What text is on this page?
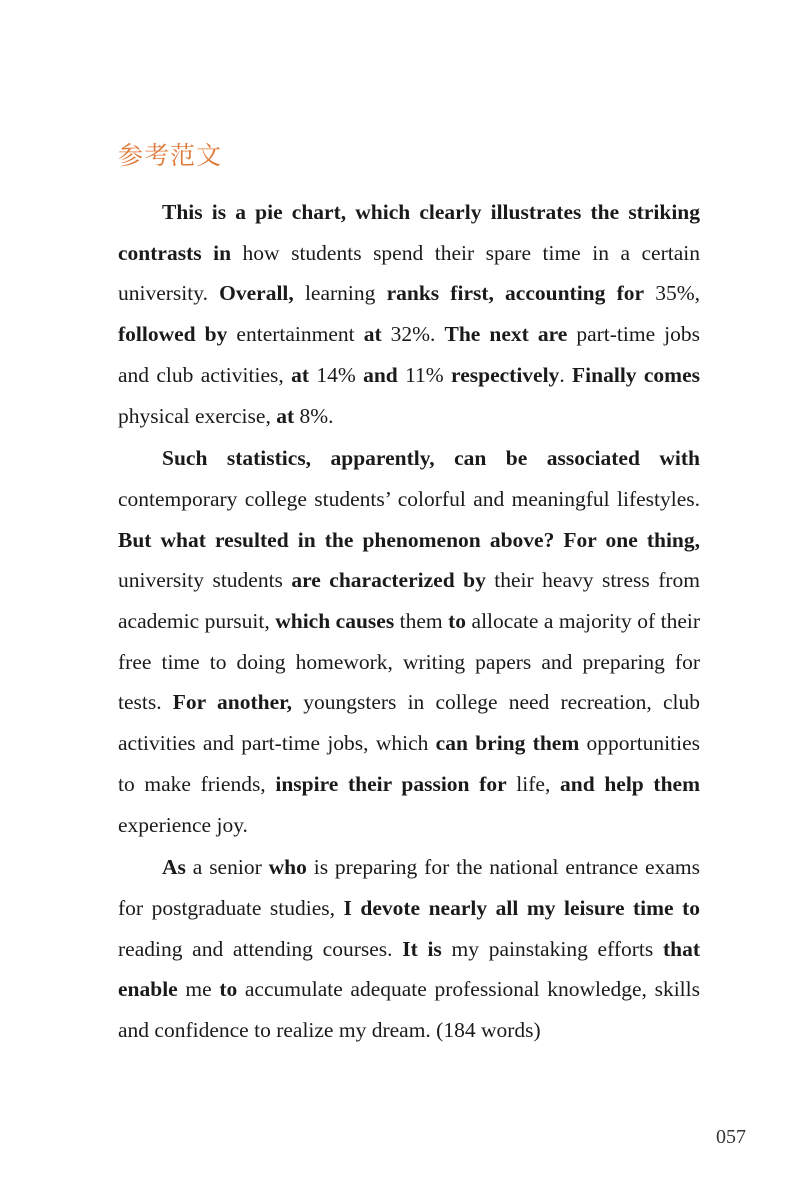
参考范文

This is a pie chart, which clearly illustrates the striking contrasts in how students spend their spare time in a certain university. Overall, learning ranks first, accounting for 35%, followed by entertainment at 32%. The next are part-time jobs and club activities, at 14% and 11% respectively. Finally comes physical exercise, at 8%.

Such statistics, apparently, can be associated with contemporary college students’ colorful and meaningful lifestyles. But what resulted in the phenomenon above? For one thing, university students are characterized by their heavy stress from academic pursuit, which causes them to allocate a majority of their free time to doing homework, writing papers and preparing for tests. For another, youngsters in college need recreation, club activities and part-time jobs, which can bring them opportunities to make friends, inspire their passion for life, and help them experience joy.

As a senior who is preparing for the national entrance exams for postgraduate studies, I devote nearly all my leisure time to reading and attending courses. It is my painstaking efforts that enable me to accumulate adequate professional knowledge, skills and confidence to realize my dream. (184 words)

057
